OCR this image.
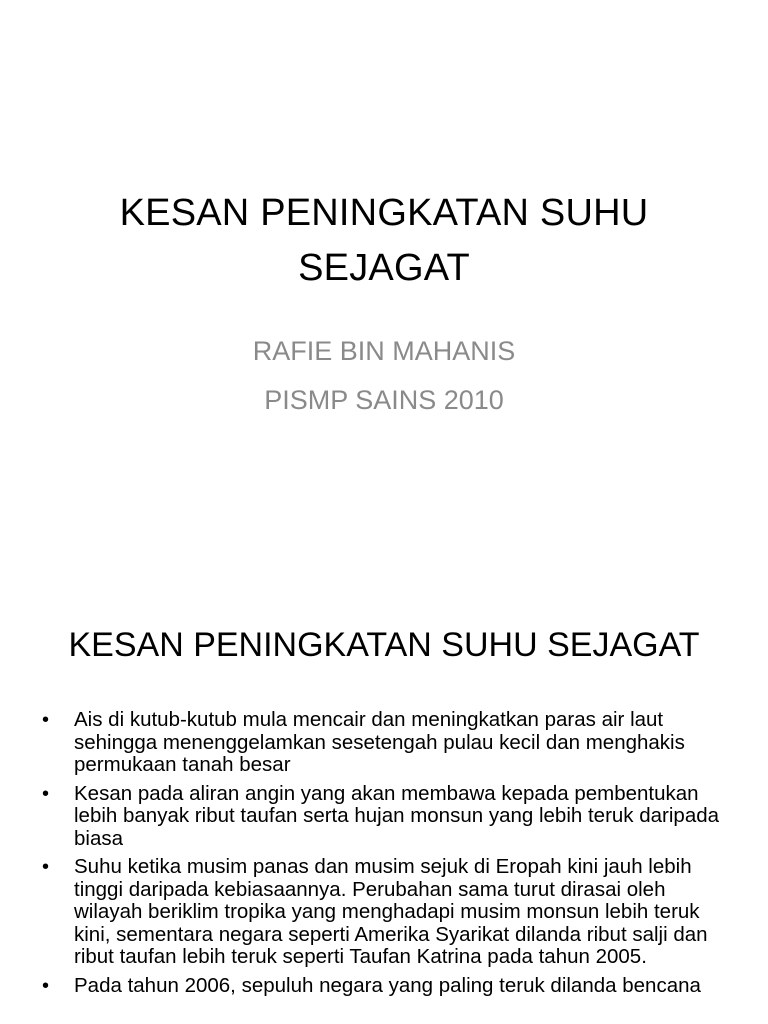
KESAN PENINGKATAN SUHU
SEJAGAT

RAFIE BIN MAHANIS

PISMP SAINS 2010

KESAN PENINGKATAN SUHU SEJAGAT
• Ais di kutub-kutub mula mencair dan meningkatkan paras air laut sehingga menenggelamkan sesetengah pulau kecil dan menghakis permukaan tanah besar
• Kesan pada aliran angin yang akan membawa kepada pembentukan lebih banyak ribut taufan serta hujan monsun yang lebih teruk daripada biasa
• Suhu ketika musim panas dan musim sejuk di Eropah kini jauh lebih tinggi daripada kebiasaannya. Perubahan sama turut dirasai oleh wilayah beriklim tropika yang menghadapi musim monsun lebih teruk kini, sementara negara seperti Amerika Syarikat dilanda ribut salji dan ribut taufan lebih teruk seperti Taufan Katrina pada tahun 2005.
• Pada tahun 2006, sepuluh negara yang paling teruk dilanda bencana
